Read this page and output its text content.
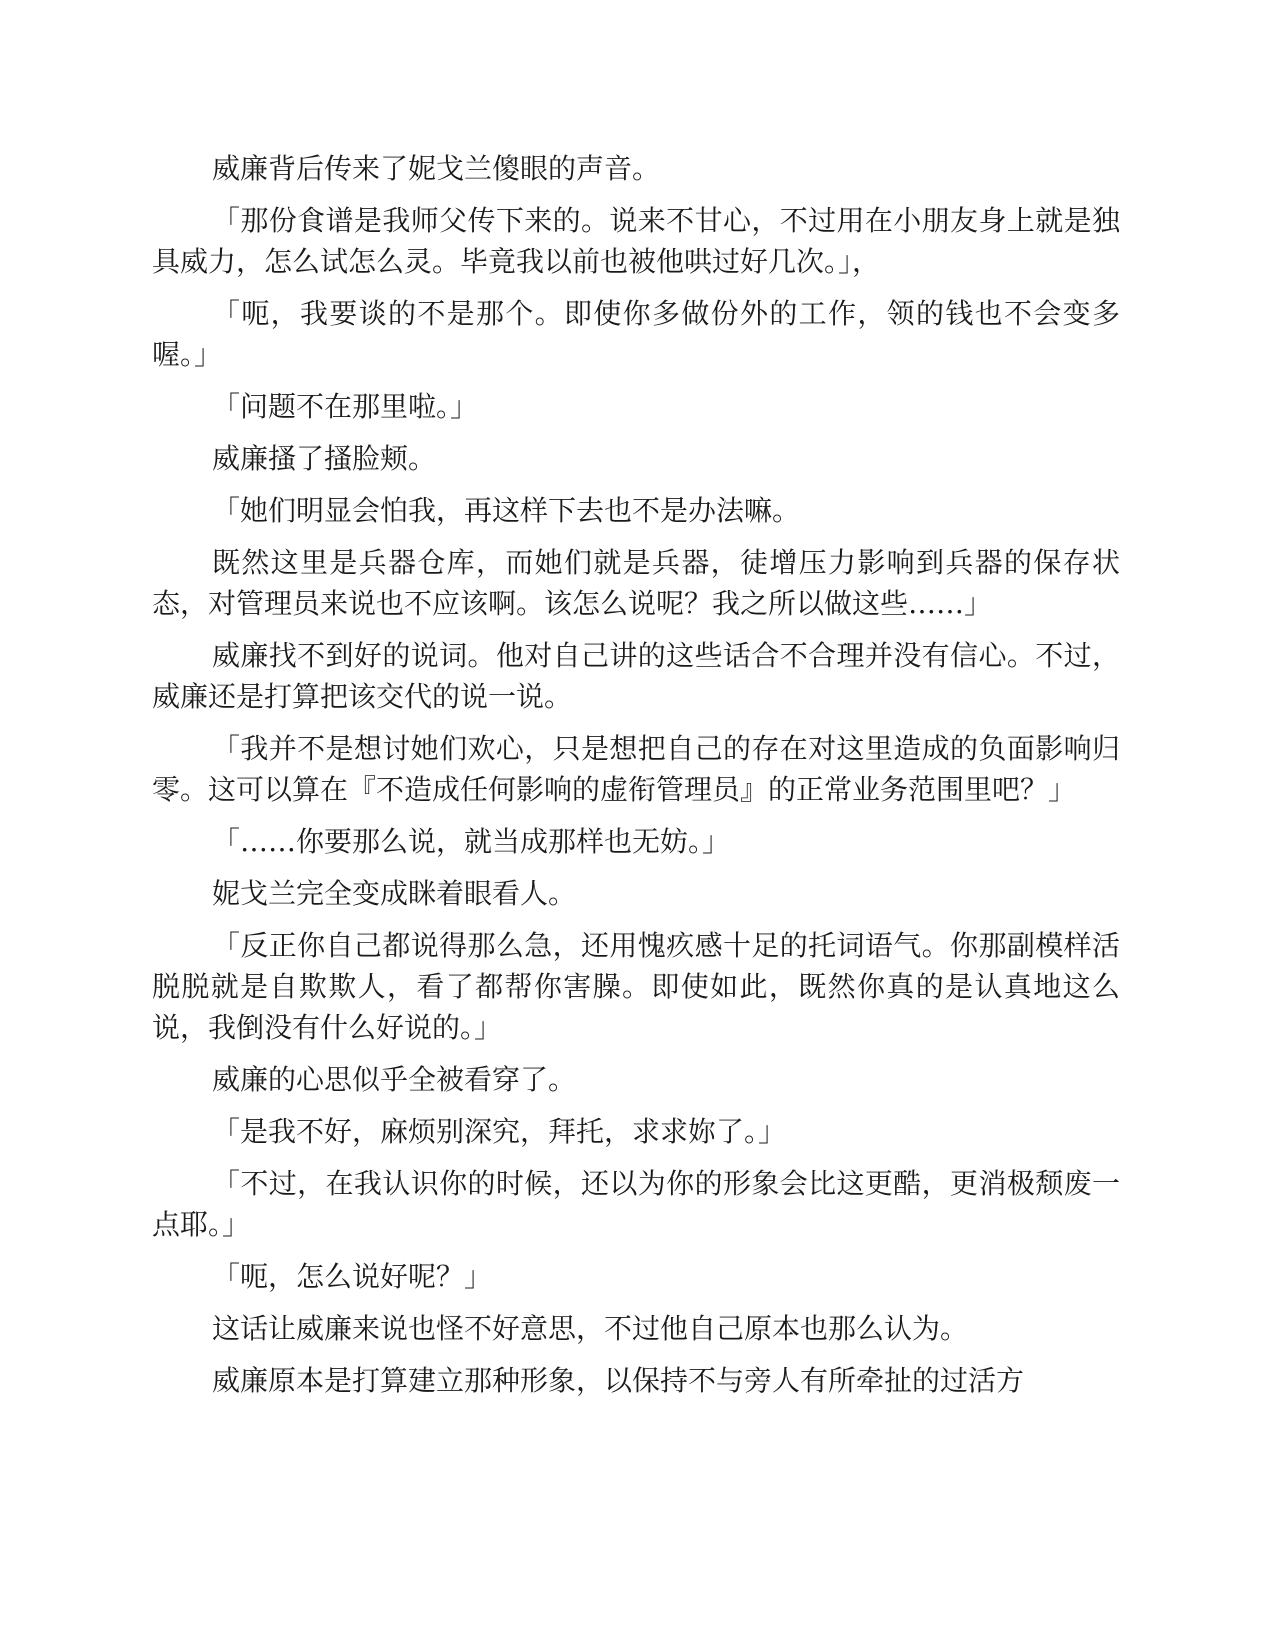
威廉背后传来了妮戈兰傻眼的声音。

「那份食谱是我师父传下来的。说来不甘心，不过用在小朋友身上就是独具威力，怎么试怎么灵。毕竟我以前也被他哄过好几次。」，

「呃，我要谈的不是那个。即使你多做份外的工作，领的钱也不会变多喔。」

「问题不在那里啦。」

威廉搔了搔脸颊。

「她们明显会怕我，再这样下去也不是办法嘛。

既然这里是兵器仓库，而她们就是兵器，徒增压力影响到兵器的保存状态，对管理员来说也不应该啊。该怎么说呢？我之所以做这些……」

威廉找不到好的说词。他对自己讲的这些话合不合理并没有信心。不过，威廉还是打算把该交代的说一说。

「我并不是想讨她们欢心，只是想把自己的存在对这里造成的负面影响归零。这可以算在『不造成任何影响的虚衔管理员』的正常业务范围里吧？」

「……你要那么说，就当成那样也无妨。」

妮戈兰完全变成眯着眼看人。

「反正你自己都说得那么急，还用愧疚感十足的托词语气。你那副模样活脱脱就是自欺欺人，看了都帮你害臊。即使如此，既然你真的是认真地这么说，我倒没有什么好说的。」

威廉的心思似乎全被看穿了。

「是我不好，麻烦别深究，拜托，求求妳了。」

「不过，在我认识你的时候，还以为你的形象会比这更酷，更消极颓废一点耶。」

「呃，怎么说好呢？」

这话让威廉来说也怪不好意思，不过他自己原本也那么认为。

威廉原本是打算建立那种形象，以保持不与旁人有所牵扯的过活方
